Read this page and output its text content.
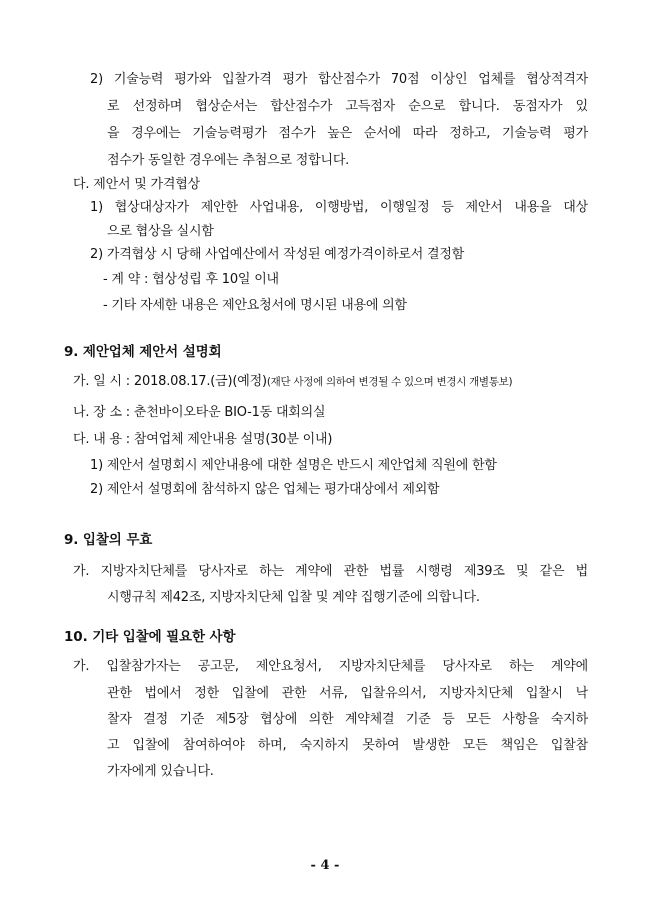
2) 기술능력 평가와 입찰가격 평가 합산점수가 70점 이상인 업체를 협상적격자
로 선정하며 협상순서는 합산점수가 고득점자 순으로 합니다. 동점자가 있
을 경우에는 기술능력평가 점수가 높은 순서에 따라 정하고, 기술능력 평가
점수가 동일한 경우에는 추첨으로 정합니다.
다. 제안서 및 가격협상
1) 협상대상자가 제안한 사업내용, 이행방법, 이행일정 등 제안서 내용을 대상
으로 협상을 실시함
2) 가격협상 시 당해 사업예산에서 작성된 예정가격이하로서 결정함
- 계 약 : 협상성립 후 10일 이내
- 기타 자세한 내용은 제안요청서에 명시된 내용에 의함
9. 제안업체 제안서 설명회
가. 일 시 : 2018.08.17.(금)(예정)(재단 사정에 의하여 변경될 수 있으며 변경시 개별통보)
나. 장 소 : 춘천바이오타운 BIO-1동 대회의실
다. 내 용 : 참여업체 제안내용 설명(30분 이내)
1) 제안서 설명회시 제안내용에 대한 설명은 반드시 제안업체 직원에 한함
2) 제안서 설명회에 참석하지 않은 업체는 평가대상에서 제외함
9. 입찰의 무효
가. 지방자치단체를 당사자로 하는 계약에 관한 법률 시행령 제39조 및 같은 법
시행규칙 제42조, 지방자치단체 입찰 및 계약 집행기준에 의합니다.
10. 기타 입찰에 필요한 사항
가. 입찰참가자는 공고문, 제안요청서, 지방자치단체를 당사자로 하는 계약에
관한 법에서 정한 입찰에 관한 서류, 입찰유의서, 지방자치단체 입찰시 낙
찰자 결정 기준 제5장 협상에 의한 계약체결 기준 등 모든 사항을 숙지하
고 입찰에 참여하여야 하며, 숙지하지 못하여 발생한 모든 책임은 입찰참
가자에게 있습니다.
- 4 -
